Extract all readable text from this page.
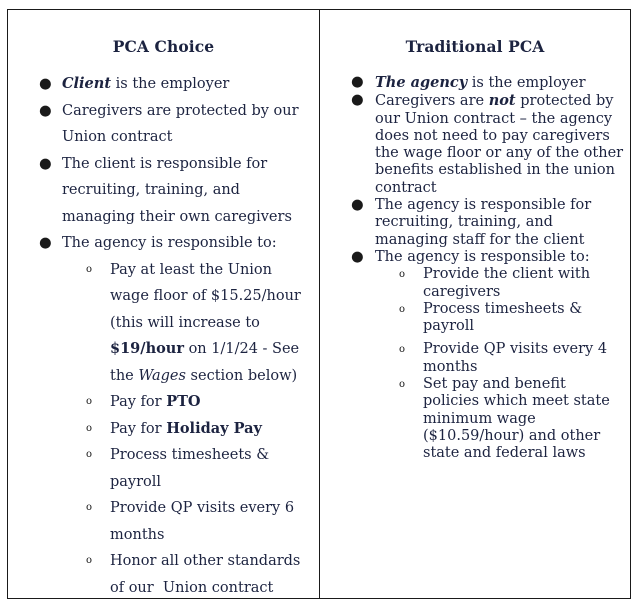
PCA Choice
● Client is the employer
● Caregivers are protected by our Union contract
● The client is responsible for recruiting, training, and managing their own caregivers
● The agency is responsible to:
o Pay at least the Union wage floor of $15.25/hour (this will increase to $19/hour on 1/1/24 - See the Wages section below)
o Pay for PTO
o Pay for Holiday Pay
o Process timesheets & payroll
o Provide QP visits every 6 months
o Honor all other standards of our  Union contract
Traditional PCA
● The agency is the employer
● Caregivers are not protected by our Union contract – the agency does not need to pay caregivers the wage floor or any of the other benefits established in the union contract
● The agency is responsible for recruiting, training, and managing staff for the client
● The agency is responsible to:
o Provide the client with caregivers
o Process timesheets & payroll
o Provide QP visits every 4 months
o Set pay and benefit policies which meet state minimum wage ($10.59/hour) and other state and federal laws
